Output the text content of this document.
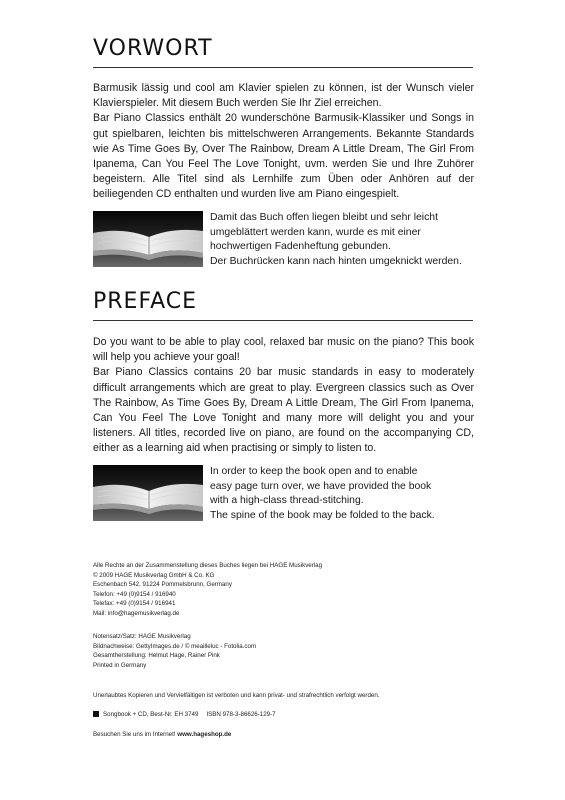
VORWORT

Barmusik lässig und cool am Klavier spielen zu können, ist der Wunsch vieler Klavierspieler. Mit diesem Buch werden Sie Ihr Ziel erreichen.

Bar Piano Classics enthält 20 wunderschöne Barmusik-Klassiker und Songs in gut spielbaren, leichten bis mittelschweren Arrangements. Bekannte Standards wie As Time Goes By, Over The Rainbow, Dream A Little Dream, The Girl From Ipanema, Can You Feel The Love Tonight, uvm. werden Sie und Ihre Zuhörer begeistern. Alle Titel sind als Lernhilfe zum Üben oder Anhören auf der beiliegenden CD enthalten und wurden live am Piano eingespielt.

Damit das Buch offen liegen bleibt und sehr leicht

umgeblättert werden kann, wurde es mit einer

hochwertigen Fadenheftung gebunden.

Der Buchrücken kann nach hinten umgeknickt werden.

PREFACE

Do you want to be able to play cool, relaxed bar music on the piano? This book will help you achieve your goal!

Bar Piano Classics contains 20 bar music standards in easy to moderately difficult arrangements which are great to play. Evergreen classics such as Over The Rainbow, As Time Goes By, Dream A Little Dream, The Girl From Ipanema, Can You Feel The Love Tonight and many more will delight you and your listeners. All titles, recorded live on piano, are found on the accompanying CD, either as a learning aid when practising or simply to listen to.

In order to keep the book open and to enable

easy page turn over, we have provided the book

with a high-class thread-stitching.

The spine of the book may be folded to the back.

Alle Rechte an der Zusammenstellung dieses Buches liegen bei HAGE Musikverlag

© 2009 HAGE Musikverlag GmbH & Co. KG

Eschenbach 542, 91224 Pommelsbrunn, Germany

Telefon: +49 (0)9154 / 916940

Telefax: +49 (0)9154 / 916941

Mail: info@hagemusikverlag.de

Notensatz/Satz: HAGE Musikverlag

Bildnachweise: GettyImages.de / © meailleluc - Fotolia.com

Gesamtherstellung: Helmut Hage, Rainer Pink

Printed in Germany

Unerlaubtes Kopieren und Vervielfältigen ist verboten und kann privat- und strafrechtlich verfolgt werden.

Songbook + CD, Best-Nr. EH 3749 ISBN 978-3-86626-129-7
Besuchen Sie uns im Internet! www.hageshop.de
